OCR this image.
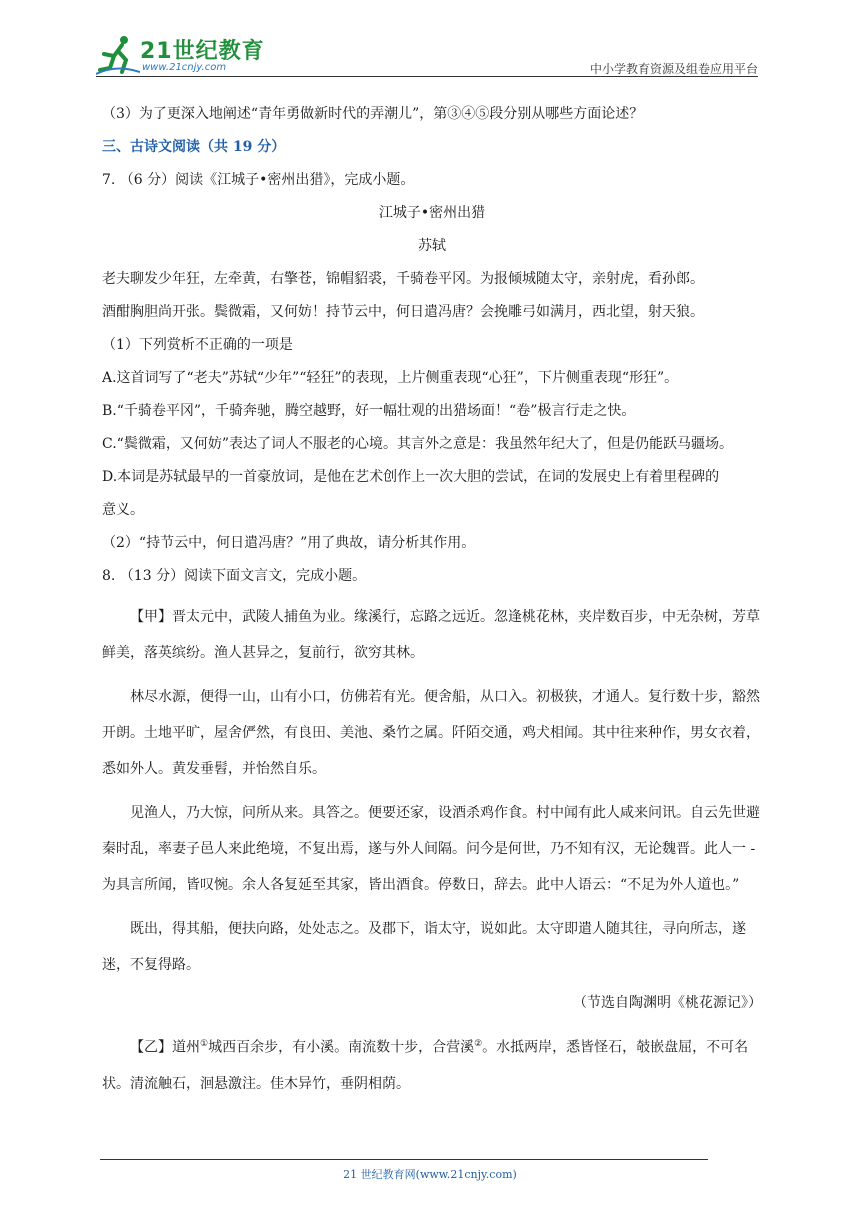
21世纪教育
www.21cnjy.com	中小学教育资源及组卷应用平台

（3）为了更深入地阐述“青年勇做新时代的弄潮儿”，第③④⑤段分别从哪些方面论述？

三、古诗文阅读（共 19 分）

7. （6 分）阅读《江城子•密州出猎》，完成小题。

江城子•密州出猎

苏轼

老夫聊发少年狂，左牵黄，右擎苍，锦帽貂裘，千骑卷平冈。为报倾城随太守，亲射虎，看孙郎。

酒酣胸胆尚开张。鬓微霜，又何妨！持节云中，何日遣冯唐？会挽雕弓如满月，西北望，射天狼。

（1）下列赏析不正确的一项是

A.这首词写了“老夫”苏轼“少年”“轻狂”的表现，上片侧重表现“心狂”，下片侧重表现“形狂”。

B.“千骑卷平冈”，千骑奔驰，腾空越野，好一幅壮观的出猎场面！“卷”极言行走之快。

C.“鬓微霜，又何妨”表达了词人不服老的心境。其言外之意是：我虽然年纪大了，但是仍能跃马疆场。

D.本词是苏轼最早的一首豪放词，是他在艺术创作上一次大胆的尝试，在词的发展史上有着里程碑的

意义。

（2）“持节云中，何日遣冯唐？”用了典故，请分析其作用。

8. （13 分）阅读下面文言文，完成小题。

【甲】晋太元中，武陵人捕鱼为业。缘溪行，忘路之远近。忽逢桃花林，夹岸数百步，中无杂树，芳草鲜美，落英缤纷。渔人甚异之，复前行，欲穷其林。

林尽水源，便得一山，山有小口，仿佛若有光。便舍船，从口入。初极狭，才通人。复行数十步，豁然开朗。土地平旷，屋舍俨然，有良田、美池、桑竹之属。阡陌交通，鸡犬相闻。其中往来种作，男女衣着，悉如外人。黄发垂髫，并怡然自乐。

见渔人，乃大惊，问所从来。具答之。便要还家，设酒杀鸡作食。村中闻有此人咸来问讯。自云先世避秦时乱，率妻子邑人来此绝境，不复出焉，遂与外人间隔。问今是何世，乃不知有汉，无论魏晋。此人一 - 为具言所闻，皆叹惋。余人各复延至其家，皆出酒食。停数日，辞去。此中人语云：“不足为外人道也。”

既出，得其船，便扶向路，处处志之。及郡下，诣太守，说如此。太守即遣人随其往，寻向所志，遂迷，不复得路。

（节选自陶渊明《桃花源记》）

【乙】道州①城西百余步，有小溪。南流数十步，合营溪②。水抵两岸，悉皆怪石，攲嵌盘屈，不可名状。清流触石，洄悬激注。佳木异竹，垂阴相荫。

21 世纪教育网(www.21cnjy.com)
